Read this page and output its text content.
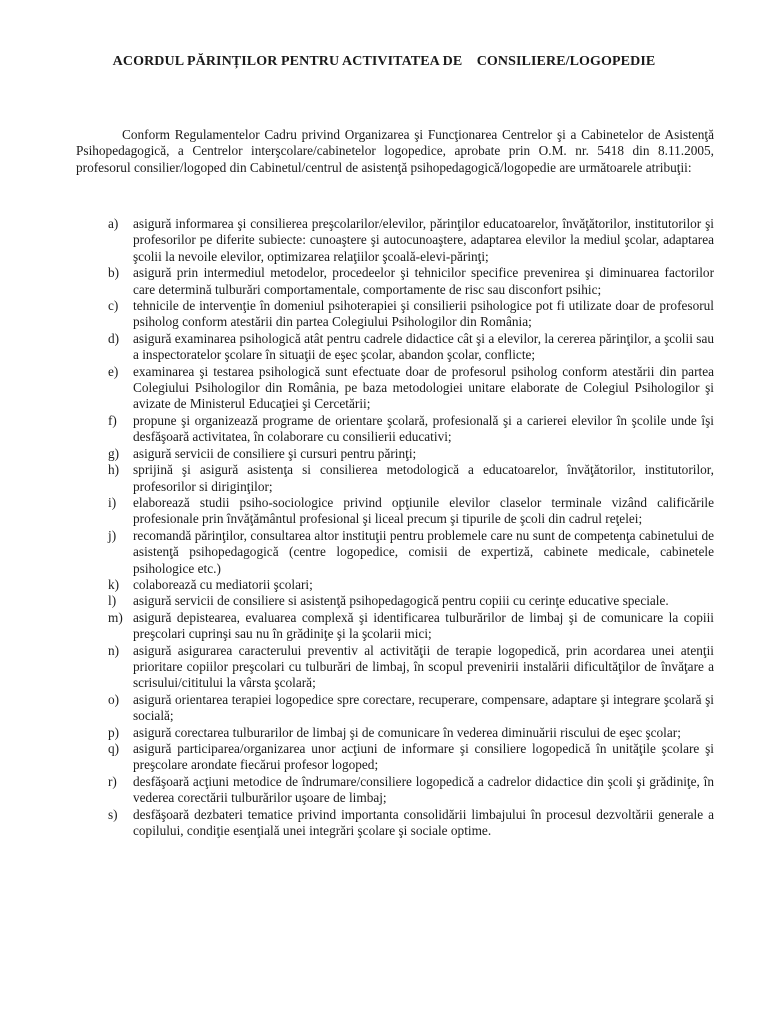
ACORDUL PĂRINȚILOR PENTRU ACTIVITATEA DE    CONSILIERE/LOGOPEDIE

Conform Regulamentelor Cadru privind Organizarea şi Funcţionarea Centrelor şi a Cabinetelor de Asistenţă Psihopedagogică, a Centrelor interşcolare/cabinetelor logopedice, aprobate prin O.M. nr. 5418 din 8.11.2005, profesorul consilier/logoped din Cabinetul/centrul de asistenţă psihopedagogică/logopedie are următoarele atribuţii:

a)	asigură informarea şi consilierea preşcolarilor/elevilor, părinţilor educatoarelor, învăţătorilor, institutorilor şi profesorilor pe diferite subiecte: cunoaştere şi autocunoaştere, adaptarea elevilor la mediul şcolar, adaptarea şcolii la nevoile elevilor, optimizarea relaţiilor şcoală-elevi-părinţi;
b)	asigură prin intermediul metodelor, procedeelor şi tehnicilor specifice prevenirea şi diminuarea factorilor care determină tulburări comportamentale, comportamente de risc sau disconfort psihic;
c)	tehnicile de intervenţie în domeniul psihoterapiei şi consilierii psihologice pot fi utilizate doar de profesorul psiholog conform atestării din partea Colegiului Psihologilor din România;
d)	asigură examinarea psihologică atât pentru cadrele didactice cât şi a elevilor, la cererea părinţilor, a şcolii sau a inspectoratelor şcolare în situaţii de eşec şcolar, abandon şcolar, conflicte;
e)	examinarea şi testarea psihologică sunt efectuate doar de profesorul psiholog conform atestării din partea Colegiului Psihologilor din România, pe baza metodologiei unitare elaborate de Colegiul Psihologilor şi avizate de Ministerul Educaţiei şi Cercetării;
f)	propune şi organizează programe de orientare şcolară, profesională şi a carierei elevilor în şcolile unde îşi desfăşoară activitatea, în colaborare cu consilierii educativi;
g)	asigură servicii de consiliere şi cursuri pentru părinţi;
h)	sprijină şi asigură asistenţa si consilierea metodologică a educatoarelor, învăţătorilor, institutorilor, profesorilor si diriginţilor;
i)	elaborează studii psiho-sociologice privind opţiunile elevilor claselor terminale vizând calificările profesionale prin învăţământul profesional şi liceal precum şi tipurile de şcoli din cadrul reţelei;
j)	recomandă părinţilor, consultarea altor instituţii pentru problemele care nu sunt de competenţa cabinetului de asistenţă psihopedagogică (centre logopedice, comisii de expertiză, cabinete medicale, cabinetele psihologice etc.)
k)	colaborează cu mediatorii şcolari;
l)	asigură servicii de consiliere si asistenţă psihopedagogică pentru copiii cu cerinţe educative speciale.
m) asigură depistearea, evaluarea complexă şi identificarea tulburărilor de limbaj şi de comunicare la copiii preşcolari cuprinşi sau nu în grădiniţe şi la şcolarii mici;
n)	asigură asigurarea caracterului preventiv al activităţii de terapie logopedică, prin acordarea unei atenţii prioritare copiilor preşcolari cu tulburări de limbaj, în scopul prevenirii instalării dificultăţilor de învăţare a scrisului/cititului la vârsta şcolară;
o)	asigură orientarea terapiei logopedice spre corectare, recuperare, compensare, adaptare şi integrare şcolară şi socială;
p)	asigură corectarea tulburarilor de limbaj şi de comunicare în vederea diminuării riscului de eşec şcolar;
q)	asigură participarea/organizarea unor acţiuni de informare şi consiliere logopedică în unităţile şcolare şi preşcolare arondate fiecărui profesor logoped;
r)	desfăşoară acţiuni metodice de îndrumare/consiliere logopedică a cadrelor didactice din şcoli şi grădiniţe, în vederea corectării tulburărilor uşoare de limbaj;
s)	desfăşoară dezbateri tematice privind importanta consolidării limbajului în procesul dezvoltării generale a copilului, condiţie esenţială unei integrări şcolare şi sociale optime.
